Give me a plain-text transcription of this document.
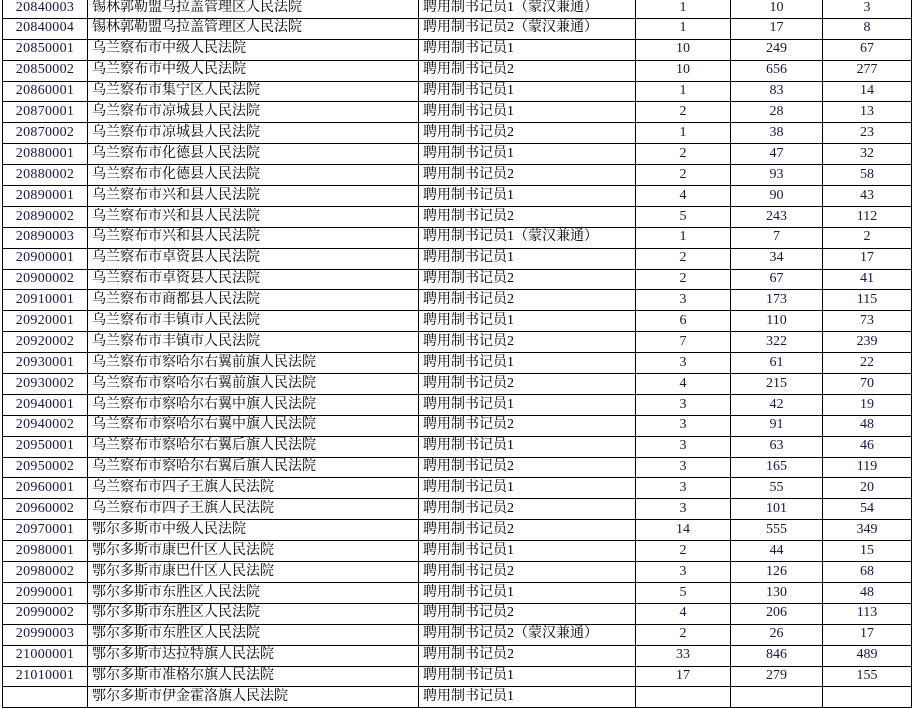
20840003	锡林郭勒盟乌拉盖管理区人民法院	聘用制书记员1（蒙汉兼通）	1	10	3
20840004	锡林郭勒盟乌拉盖管理区人民法院	聘用制书记员2（蒙汉兼通）	1	17	8
20850001	乌兰察布市中级人民法院	聘用制书记员1	10	249	67
20850002	乌兰察布市中级人民法院	聘用制书记员2	10	656	277
20860001	乌兰察布市集宁区人民法院	聘用制书记员1	1	83	14
20870001	乌兰察布市凉城县人民法院	聘用制书记员1	2	28	13
20870002	乌兰察布市凉城县人民法院	聘用制书记员2	1	38	23
20880001	乌兰察布市化德县人民法院	聘用制书记员1	2	47	32
20880002	乌兰察布市化德县人民法院	聘用制书记员2	2	93	58
20890001	乌兰察布市兴和县人民法院	聘用制书记员1	4	90	43
20890002	乌兰察布市兴和县人民法院	聘用制书记员2	5	243	112
20890003	乌兰察布市兴和县人民法院	聘用制书记员1（蒙汉兼通）	1	7	2
20900001	乌兰察布市卓资县人民法院	聘用制书记员1	2	34	17
20900002	乌兰察布市卓资县人民法院	聘用制书记员2	2	67	41
20910001	乌兰察布市商都县人民法院	聘用制书记员2	3	173	115
20920001	乌兰察布市丰镇市人民法院	聘用制书记员1	6	110	73
20920002	乌兰察布市丰镇市人民法院	聘用制书记员2	7	322	239
20930001	乌兰察布市察哈尔右翼前旗人民法院	聘用制书记员1	3	61	22
20930002	乌兰察布市察哈尔右翼前旗人民法院	聘用制书记员2	4	215	70
20940001	乌兰察布市察哈尔右翼中旗人民法院	聘用制书记员1	3	42	19
20940002	乌兰察布市察哈尔右翼中旗人民法院	聘用制书记员2	3	91	48
20950001	乌兰察布市察哈尔右翼后旗人民法院	聘用制书记员1	3	63	46
20950002	乌兰察布市察哈尔右翼后旗人民法院	聘用制书记员2	3	165	119
20960001	乌兰察布市四子王旗人民法院	聘用制书记员1	3	55	20
20960002	乌兰察布市四子王旗人民法院	聘用制书记员2	3	101	54
20970001	鄂尔多斯市中级人民法院	聘用制书记员2	14	555	349
20980001	鄂尔多斯市康巴什区人民法院	聘用制书记员1	2	44	15
20980002	鄂尔多斯市康巴什区人民法院	聘用制书记员2	3	126	68
20990001	鄂尔多斯市东胜区人民法院	聘用制书记员1	5	130	48
20990002	鄂尔多斯市东胜区人民法院	聘用制书记员2	4	206	113
20990003	鄂尔多斯市东胜区人民法院	聘用制书记员2（蒙汉兼通）	2	26	17
21000001	鄂尔多斯市达拉特旗人民法院	聘用制书记员2	33	846	489
21010001	鄂尔多斯市准格尔旗人民法院	聘用制书记员1	17	279	155
	鄂尔多斯市伊金霍洛旗人民法院	聘用制书记员1			
